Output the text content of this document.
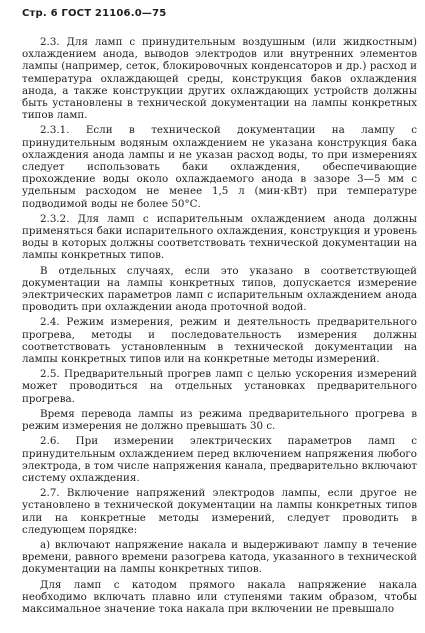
Стр. 6 ГОСТ 21106.0—75

2.3. Для ламп с принудительным воздушным (или жидкостным) охлаждением анода, выводов электродов или внутренних элементов лампы (например, сеток, блокировочных конденсаторов и др.) расход и температура охлаждающей среды, конструкция баков охлаждения анода, а также конструкции других охлаждающих устройств должны быть установлены в технической документации на лампы конкретных типов ламп.

2.3.1. Если в технической документации на лампу с принудительным водяным охлаждением не указана конструкция бака охлаждения анода лампы и не указан расход воды, то при измерениях следует использовать баки охлаждения, обеспечивающие прохождение воды около охлаждаемого анода в зазоре 3—5 мм с удельным расходом не менее 1,5 л (мин·кВт) при температуре подводимой воды не более 50°С.

2.3.2. Для ламп с испарительным охлаждением анода должны применяться баки испарительного охлаждения, конструкция и уровень воды в которых должны соответствовать технической документации на лампы конкретных типов.

В отдельных случаях, если это указано в соответствующей документации на лампы конкретных типов, допускается измерение электрических параметров ламп с испарительным охлаждением анода проводить при охлаждении анода проточной водой.

2.4. Режим измерения, режим и деятельность предварительного прогрева, методы и последовательность измерения должны соответствовать установленным в технической документации на лампы конкретных типов или на конкретные методы измерений.

2.5. Предварительный прогрев ламп с целью ускорения измерений может проводиться на отдельных установках предварительного прогрева.

Время перевода лампы из режима предварительного прогрева в режим измерения не должно превышать 30 с.

2.6. При измерении электрических параметров ламп с принудительным охлаждением перед включением напряжения любого электрода, в том числе напряжения канала, предварительно включают систему охлаждения.

2.7. Включение напряжений электродов лампы, если другое не установлено в технической документации на лампы конкретных типов или на конкретные методы измерений, следует проводить в следующем порядке:

а) включают напряжение накала и выдерживают лампу в течение времени, равного времени разогрева катода, указанного в технической документации на лампы конкретных типов.

Для ламп с катодом прямого накала напряжение накала необходимо включать плавно или ступенями таким образом, чтобы максимальное значение тока накала при включении не превышало
